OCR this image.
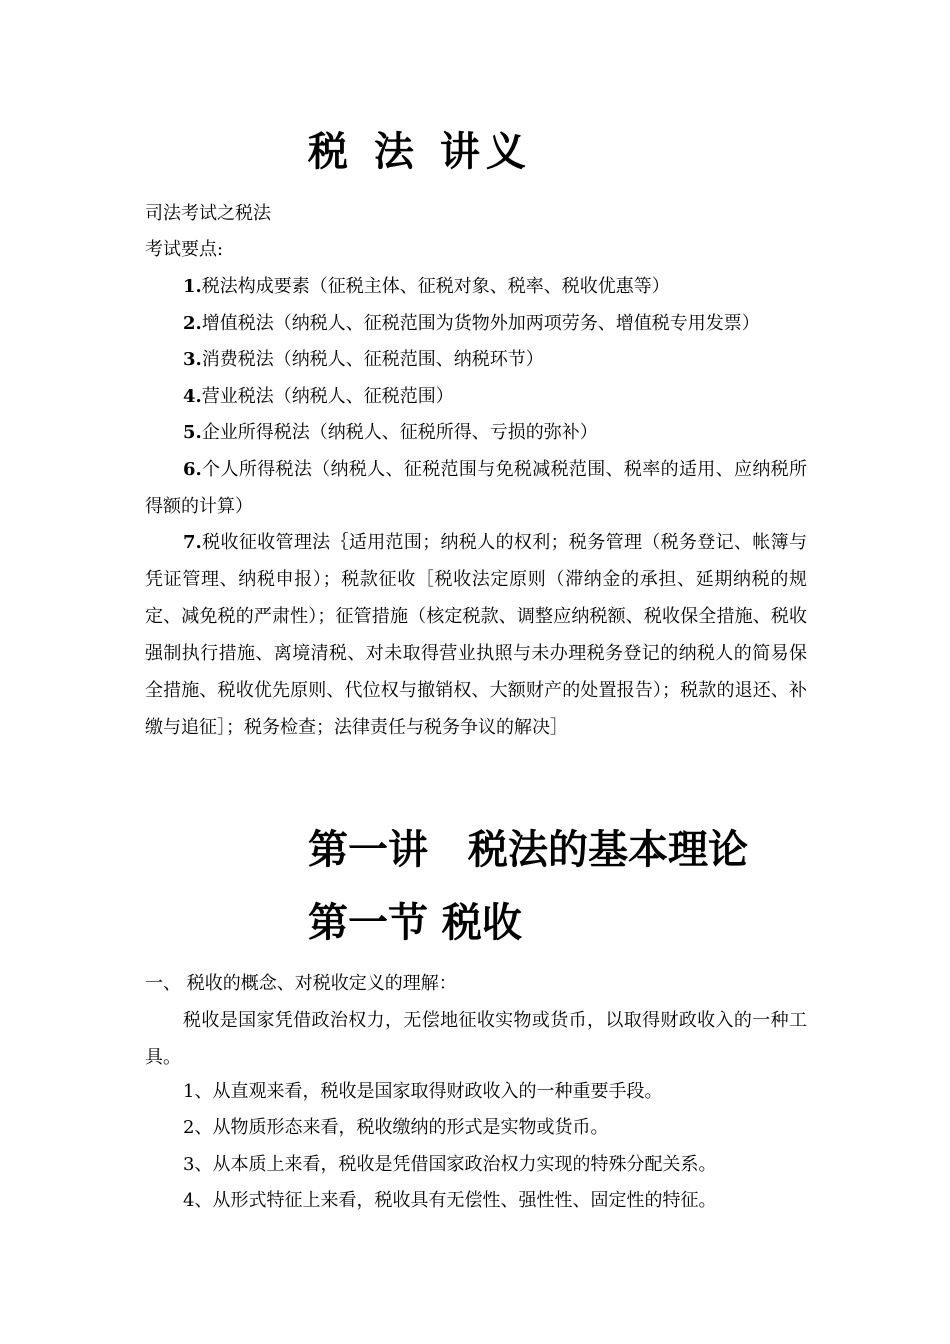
税 法 讲义
司法考试之税法
考试要点:
1.税法构成要素（征税主体、征税对象、税率、税收优惠等）
2.增值税法（纳税人、征税范围为货物外加两项劳务、增值税专用发票）
3.消费税法（纳税人、征税范围、纳税环节）
4.营业税法（纳税人、征税范围）
5.企业所得税法（纳税人、征税所得、亏损的弥补）

6.个人所得税法（纳税人、征税范围与免税减税范围、税率的适用、应纳税所得额的计算）

7.税收征收管理法｛适用范围；纳税人的权利；税务管理（税务登记、帐簿与凭证管理、纳税申报）；税款征收［税收法定原则（滞纳金的承担、延期纳税的规定、减免税的严肃性）；征管措施（核定税款、调整应纳税额、税收保全措施、税收强制执行措施、离境清税、对未取得营业执照与未办理税务登记的纳税人的简易保全措施、税收优先原则、代位权与撤销权、大额财产的处置报告）；税款的退还、补缴与追征］；税务检查；法律责任与税务争议的解决］

第一讲　税法的基本理论
第一节 税收
一、 税收的概念、对税收定义的理解：

税收是国家凭借政治权力，无偿地征收实物或货币，以取得财政收入的一种工具。

1、从直观来看，税收是国家取得财政收入的一种重要手段。
2、从物质形态来看，税收缴纳的形式是实物或货币。
3、从本质上来看，税收是凭借国家政治权力实现的特殊分配关系。
4、从形式特征上来看，税收具有无偿性、强性性、固定性的特征。
